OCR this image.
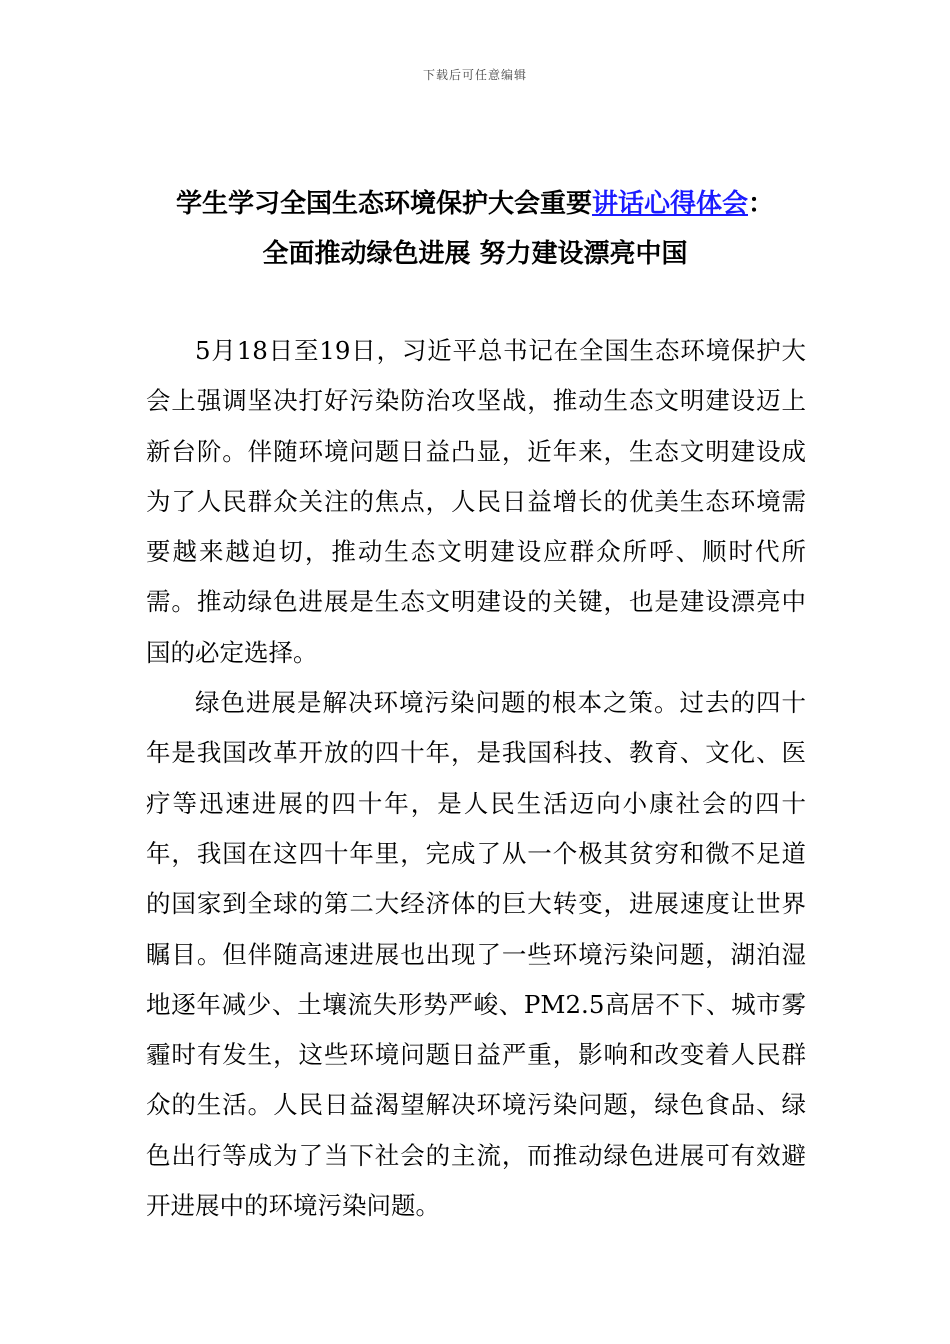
下载后可任意编辑
学生学习全国生态环境保护大会重要讲话心得体会：
全面推动绿色进展 努力建设漂亮中国

5月18日至19日，习近平总书记在全国生态环境保护大会上强调坚决打好污染防治攻坚战，推动生态文明建设迈上新台阶。伴随环境问题日益凸显，近年来，生态文明建设成为了人民群众关注的焦点，人民日益增长的优美生态环境需要越来越迫切，推动生态文明建设应群众所呼、顺时代所需。推动绿色进展是生态文明建设的关键，也是建设漂亮中国的必定选择。

绿色进展是解决环境污染问题的根本之策。过去的四十年是我国改革开放的四十年，是我国科技、教育、文化、医疗等迅速进展的四十年，是人民生活迈向小康社会的四十年，我国在这四十年里，完成了从一个极其贫穷和微不足道的国家到全球的第二大经济体的巨大转变，进展速度让世界瞩目。但伴随高速进展也出现了一些环境污染问题，湖泊湿地逐年减少、土壤流失形势严峻、PM2.5高居不下、城市雾霾时有发生，这些环境问题日益严重，影响和改变着人民群众的生活。人民日益渴望解决环境污染问题，绿色食品、绿色出行等成为了当下社会的主流，而推动绿色进展可有效避开进展中的环境污染问题。
